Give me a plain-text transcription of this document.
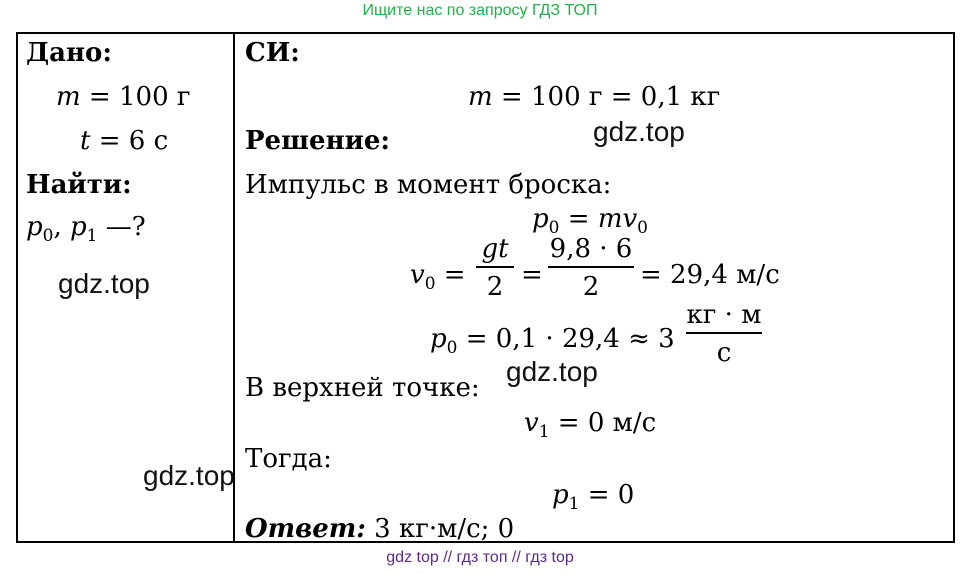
Ищите нас по запросу ГДЗ ТОП
Дано:
m = 100 г
t = 6 с
Найти:
$p_0$, $p_1$ —?
СИ:
m = 100 г = 0,1 кг
Решение:
Импульс в момент броска:
$p_0 = mv_0$
$v_0$ =
gt
2 =
9,8 · 6
2	= 29,4 м/с
$p_0 = 0,1 \cdot 29,4 \approx 3$
кг · м
с
В верхней точке:
$v_1 = 0$ м/с
Тогда:
$p_1 = 0$
Ответ: 3 кг·м/с; 0
gdz.top
gdz.top
gdz.top
gdz.top
gdz top // гдз топ // гдз top
